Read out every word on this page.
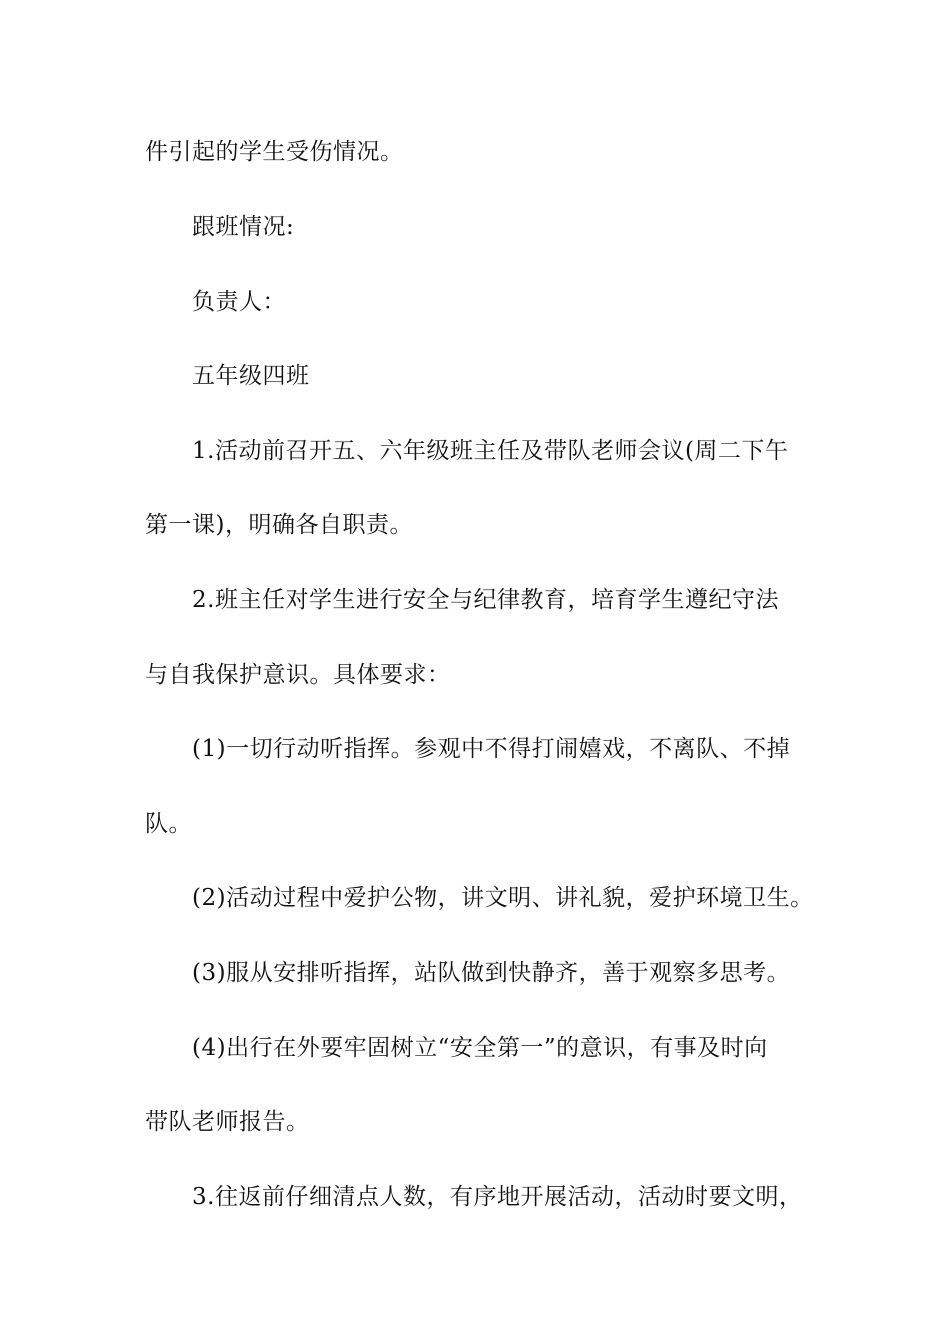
件引起的学生受伤情况。
跟班情况:
负责人：
五年级四班
1.活动前召开五、六年级班主任及带队老师会议(周二下午
第一课)，明确各自职责。
2.班主任对学生进行安全与纪律教育，培育学生遵纪守法
与自我保护意识。具体要求：
(1)一切行动听指挥。参观中不得打闹嬉戏，不离队、不掉
队。
(2)活动过程中爱护公物，讲文明、讲礼貌，爱护环境卫生。
(3)服从安排听指挥，站队做到快静齐，善于观察多思考。
(4)出行在外要牢固树立“安全第一”的意识，有事及时向
带队老师报告。
3.往返前仔细清点人数，有序地开展活动，活动时要文明，
